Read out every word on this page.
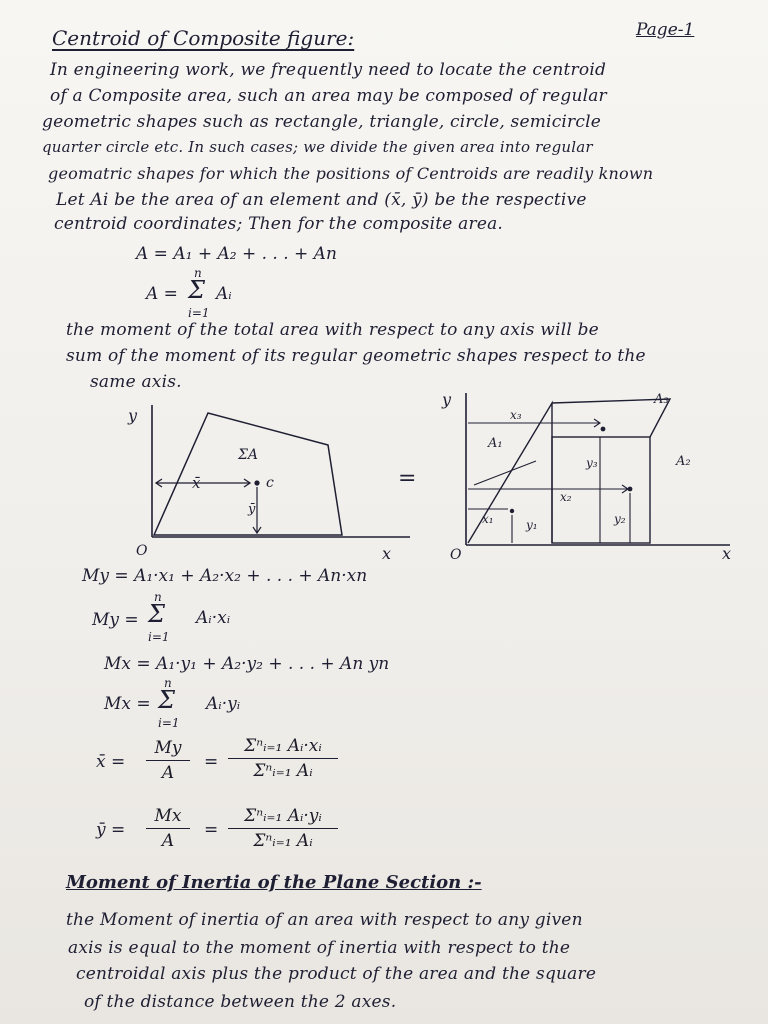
Centroid of Composite figure:	Page-1
In engineering work, we frequently need to locate the centroid
of a Composite area, such an area may be composed of regular
geometric shapes such as rectangle, triangle, circle, semicircle
quarter circle etc. In such cases; we divide the given area into regular
geomatric shapes for which the positions of Centroids are readily known
Let Ai be the area of an element and (x̄, ȳ) be the respective
centroid coordinates; Then for the composite area.
A = A₁ + A₂ + . . . + An
A =
n
Σ
i=1
Aᵢ
the moment of the total area with respect to any axis will be
sum of the moment of its regular geometric shapes respect to the
same axis.
y
x
O
ΣA
x̄	c
ȳ
=
y
x
O
A₁
A₂
A₃
x₁
x₂
x₃
y₁	y₂
y₃
My = A₁·x₁ + A₂·x₂ + . . . + An·xn
My =
n
Σ
i=1
Aᵢ·xᵢ
Mx = A₁·y₁ + A₂·y₂ + . . . + An yn
Mx =
n
Σ
i=1
Aᵢ·yᵢ
x̄ =
My
A
=
Σⁿᵢ₌₁ Aᵢ·xᵢ
Σⁿᵢ₌₁ Aᵢ
ȳ =
Mx
A
=
Σⁿᵢ₌₁ Aᵢ·yᵢ
Σⁿᵢ₌₁ Aᵢ
Moment of Inertia of the Plane Section :-
the Moment of inertia of an area with respect to any given
axis is equal to the moment of inertia with respect to the
centroidal axis plus the product of the area and the square
of the distance between the 2 axes.
